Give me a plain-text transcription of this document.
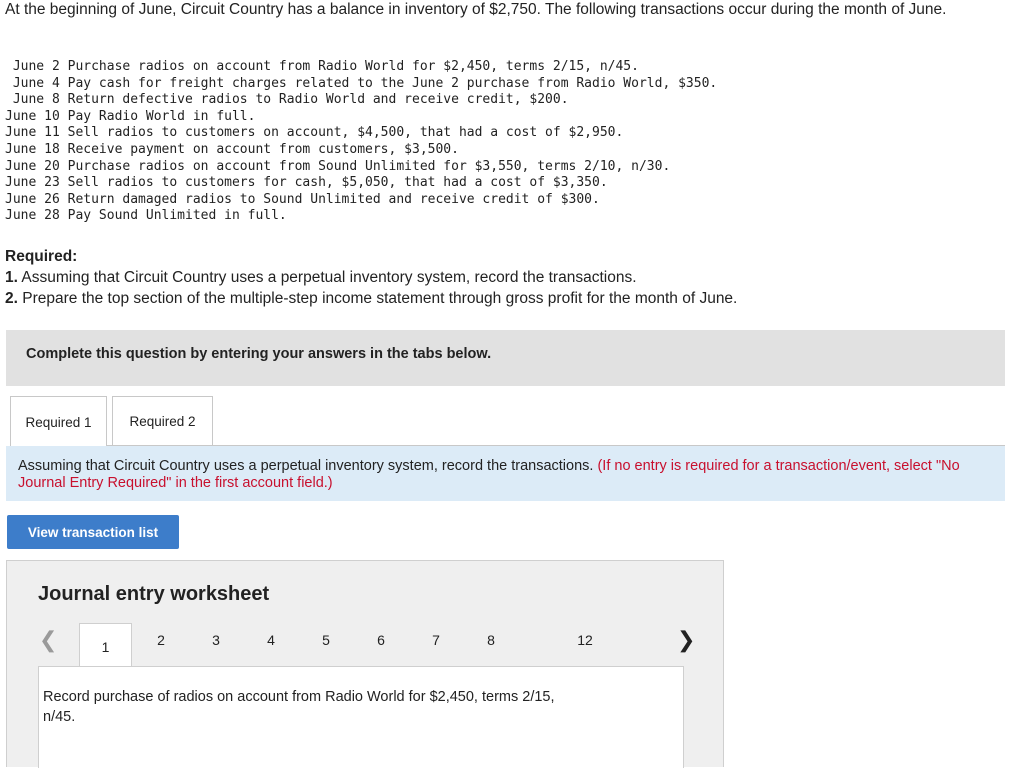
At the beginning of June, Circuit Country has a balance in inventory of $2,750. The following transactions occur during the month of June.
June 2 Purchase radios on account from Radio World for $2,450, terms 2/15, n/45.
June 4 Pay cash for freight charges related to the June 2 purchase from Radio World, $350.
June 8 Return defective radios to Radio World and receive credit, $200.
June 10 Pay Radio World in full.
June 11 Sell radios to customers on account, $4,500, that had a cost of $2,950.
June 18 Receive payment on account from customers, $3,500.
June 20 Purchase radios on account from Sound Unlimited for $3,550, terms 2/10, n/30.
June 23 Sell radios to customers for cash, $5,050, that had a cost of $3,350.
June 26 Return damaged radios to Sound Unlimited and receive credit of $300.
June 28 Pay Sound Unlimited in full.
Required:
1. Assuming that Circuit Country uses a perpetual inventory system, record the transactions.
2. Prepare the top section of the multiple-step income statement through gross profit for the month of June.
Complete this question by entering your answers in the tabs below.
Required 1	Required 2
Assuming that Circuit Country uses a perpetual inventory system, record the transactions. (If no entry is required for a transaction/event, select "No Journal Entry Required" in the first account field.)
View transaction list
Journal entry worksheet
❮	1	2	3	4	5	6	7	8	12	❯
Record purchase of radios on account from Radio World for $2,450, terms 2/15, n/45.
